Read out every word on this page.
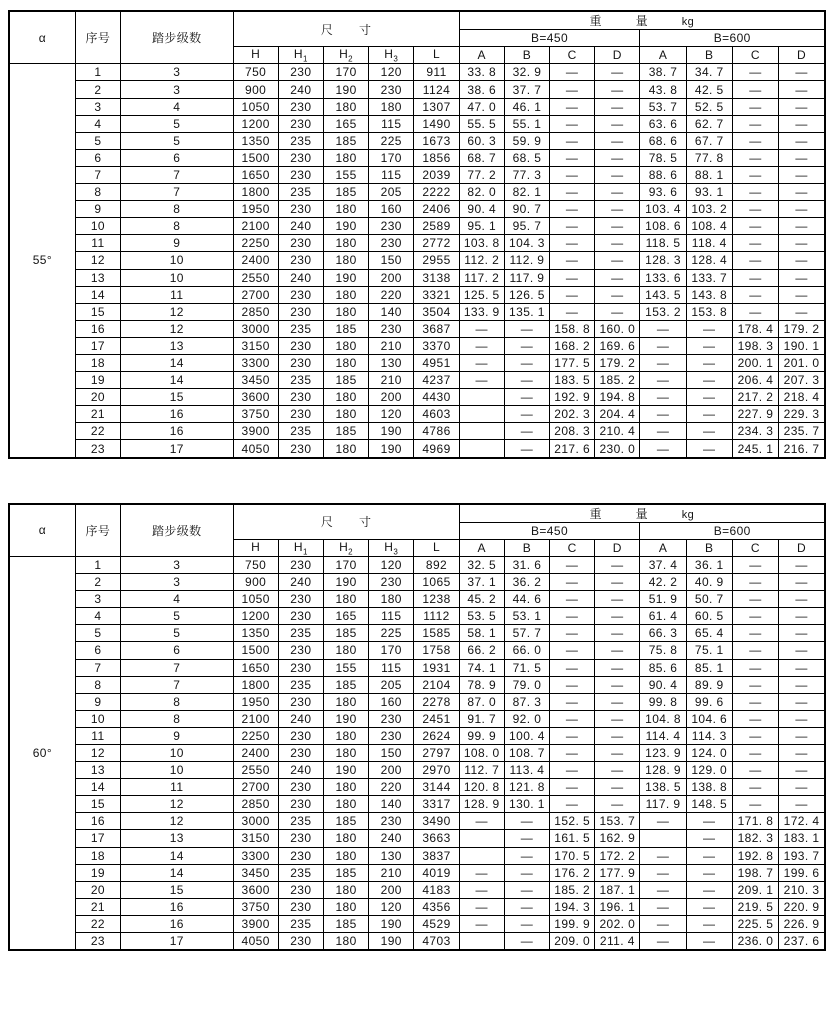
α	序号	踏步级数	尺 寸					重 量 kg							
								B=450				B=600			
			H	$H_1$	$H_2$	$H_3$	L	A	B	C	D	A	B	C	D
55°	1	3	750	230	170	120	911	33. 8	32. 9	—	—	38. 7	34. 7	—	—
	2	3	900	240	190	230	1124	38. 6	37. 7	—	—	43. 8	42. 5	—	—
	3	4	1050	230	180	180	1307	47. 0	46. 1	—	—	53. 7	52. 5	—	—
	4	5	1200	230	165	115	1490	55. 5	55. 1	—	—	63. 6	62. 7	—	—
	5	5	1350	235	185	225	1673	60. 3	59. 9	—	—	68. 6	67. 7	—	—
	6	6	1500	230	180	170	1856	68. 7	68. 5	—	—	78. 5	77. 8	—	—
	7	7	1650	230	155	115	2039	77. 2	77. 3	—	—	88. 6	88. 1	—	—
	8	7	1800	235	185	205	2222	82. 0	82. 1	—	—	93. 6	93. 1	—	—
	9	8	1950	230	180	160	2406	90. 4	90. 7	—	—	103. 4	103. 2	—	—
	10	8	2100	240	190	230	2589	95. 1	95. 7	—	—	108. 6	108. 4	—	—
	11	9	2250	230	180	230	2772	103. 8	104. 3	—	—	118. 5	118. 4	—	—
	12	10	2400	230	180	150	2955	112. 2	112. 9	—	—	128. 3	128. 4	—	—
	13	10	2550	240	190	200	3138	117. 2	117. 9	—	—	133. 6	133. 7	—	—
	14	11	2700	230	180	220	3321	125. 5	126. 5	—	—	143. 5	143. 8	—	—
	15	12	2850	230	180	140	3504	133. 9	135. 1	—	—	153. 2	153. 8	—	—
	16	12	3000	235	185	230	3687	—	—	158. 8	160. 0	—	—	178. 4	179. 2
	17	13	3150	230	180	210	3370	—	—	168. 2	169. 6	—	—	198. 3	190. 1
	18	14	3300	230	180	130	4951	—	—	177. 5	179. 2	—	—	200. 1	201. 0
	19	14	3450	235	185	210	4237	—	—	183. 5	185. 2	—	—	206. 4	207. 3
	20	15	3600	230	180	200	4430		—	192. 9	194. 8	—	—	217. 2	218. 4
	21	16	3750	230	180	120	4603		—	202. 3	204. 4	—	—	227. 9	229. 3
	22	16	3900	235	185	190	4786		—	208. 3	210. 4	—	—	234. 3	235. 7
	23	17	4050	230	180	190	4969		—	217. 6	230. 0	—	—	245. 1	216. 7
α	序号	踏步级数	尺 寸					重 量 kg							
								B=450				B=600			
			H	$H_1$	$H_2$	$H_3$	L	A	B	C	D	A	B	C	D
60°	1	3	750	230	170	120	892	32. 5	31. 6	—	—	37. 4	36. 1	—	—
	2	3	900	240	190	230	1065	37. 1	36. 2	—	—	42. 2	40. 9	—	—
	3	4	1050	230	180	180	1238	45. 2	44. 6	—	—	51. 9	50. 7	—	—
	4	5	1200	230	165	115	1112	53. 5	53. 1	—	—	61. 4	60. 5	—	—
	5	5	1350	235	185	225	1585	58. 1	57. 7	—	—	66. 3	65. 4	—	—
	6	6	1500	230	180	170	1758	66. 2	66. 0	—	—	75. 8	75. 1	—	—
	7	7	1650	230	155	115	1931	74. 1	71. 5	—	—	85. 6	85. 1	—	—
	8	7	1800	235	185	205	2104	78. 9	79. 0	—	—	90. 4	89. 9	—	—
	9	8	1950	230	180	160	2278	87. 0	87. 3	—	—	99. 8	99. 6	—	—
	10	8	2100	240	190	230	2451	91. 7	92. 0	—	—	104. 8	104. 6	—	—
	11	9	2250	230	180	230	2624	99. 9	100. 4	—	—	114. 4	114. 3	—	—
	12	10	2400	230	180	150	2797	108. 0	108. 7	—	—	123. 9	124. 0	—	—
	13	10	2550	240	190	200	2970	112. 7	113. 4	—	—	128. 9	129. 0	—	—
	14	11	2700	230	180	220	3144	120. 8	121. 8	—	—	138. 5	138. 8	—	—
	15	12	2850	230	180	140	3317	128. 9	130. 1	—	—	117. 9	148. 5	—	—
	16	12	3000	235	185	230	3490	—	—	152. 5	153. 7	—	—	171. 8	172. 4
	17	13	3150	230	180	240	3663		—	161. 5	162. 9		—	182. 3	183. 1
	18	14	3300	230	180	130	3837		—	170. 5	172. 2	—	—	192. 8	193. 7
	19	14	3450	235	185	210	4019	—	—	176. 2	177. 9	—	—	198. 7	199. 6
	20	15	3600	230	180	200	4183	—	—	185. 2	187. 1	—	—	209. 1	210. 3
	21	16	3750	230	180	120	4356	—	—	194. 3	196. 1	—	—	219. 5	220. 9
	22	16	3900	235	185	190	4529	—	—	199. 9	202. 0	—	—	225. 5	226. 9
	23	17	4050	230	180	190	4703		—	209. 0	211. 4	—	—	236. 0	237. 6
